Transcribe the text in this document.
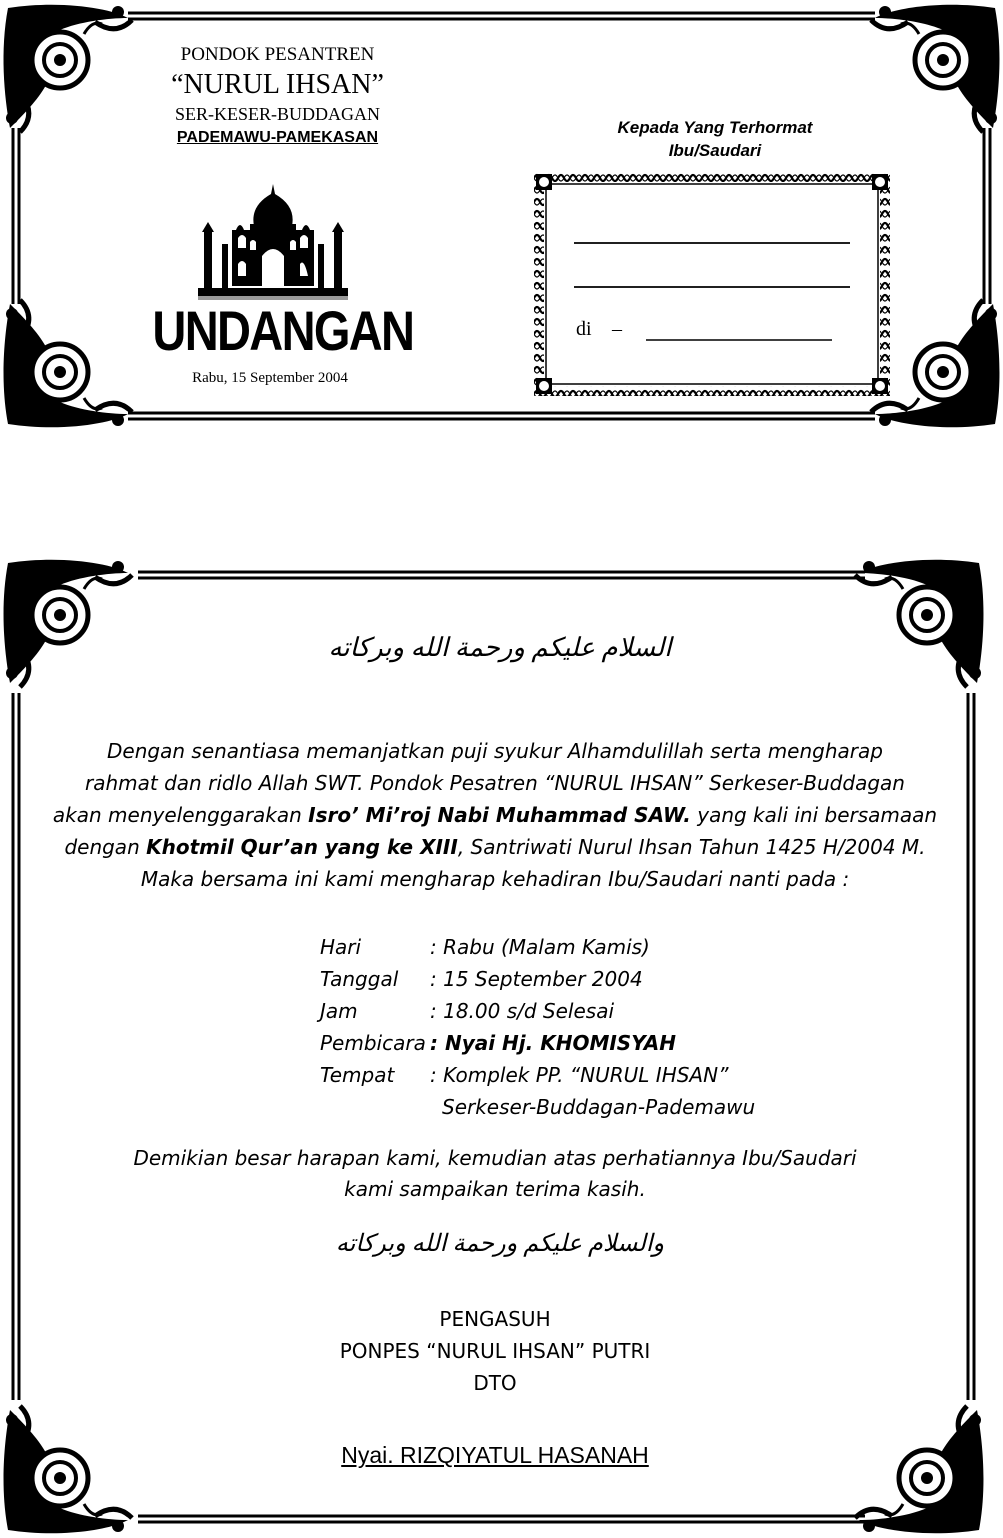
PONDOK PESANTREN

“NURUL IHSAN”

SER-KESER-BUDDAGAN

PADEMAWU-PAMEKASAN

UNDANGAN

Rabu, 15 September 2004

Kepada Yang Terhormat

Ibu/Saudari

di –

السلام عليكم ورحمة الله وبركاته

Dengan senantiasa memanjatkan puji syukur Alhamdulillah serta mengharap
rahmat dan ridlo Allah SWT. Pondok Pesatren “NURUL IHSAN” Serkeser-Buddagan
akan menyelenggarakan Isro’ Mi’roj Nabi Muhammad SAW. yang kali ini bersamaan
dengan Khotmil Qur’an yang ke XIII, Santriwati Nurul Ihsan Tahun 1425 H/2004 M.
Maka bersama ini kami mengharap kehadiran Ibu/Saudari nanti pada :
Hari	: Rabu (Malam Kamis)
Tanggal : 15 September 2004
Jam	: 18.00 s/d Selesai
Pembicara : Nyai Hj. KHOMISYAH
Tempat : Komplek PP. “NURUL IHSAN”
Serkeser-Buddagan-Pademawu
Demikian besar harapan kami, kemudian atas perhatiannya Ibu/Saudari
kami sampaikan terima kasih.

والسلام عليكم ورحمة الله وبركاته

PENGASUH
PONPES “NURUL IHSAN” PUTRI
DTO

Nyai. RIZQIYATUL HASANAH
